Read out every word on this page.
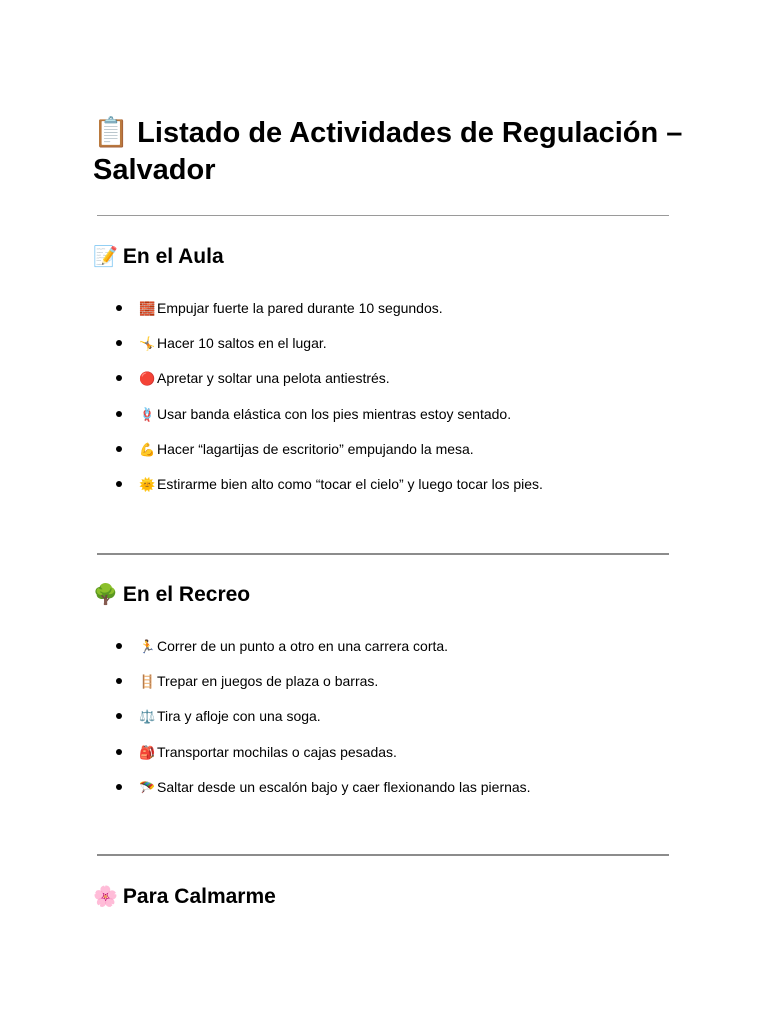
📋 Listado de Actividades de Regulación – Salvador
📝 En el Aula
🧱 Empujar fuerte la pared durante 10 segundos.
🤸 Hacer 10 saltos en el lugar.
🔴 Apretar y soltar una pelota antiestrés.
🪢 Usar banda elástica con los pies mientras estoy sentado.
💪 Hacer “lagartijas de escritorio” empujando la mesa.
🌞 Estirarme bien alto como “tocar el cielo” y luego tocar los pies.
🌳 En el Recreo
🏃 Correr de un punto a otro en una carrera corta.
🪜 Trepar en juegos de plaza o barras.
⚖️ Tira y afloje con una soga.
🎒 Transportar mochilas o cajas pesadas.
🪂 Saltar desde un escalón bajo y caer flexionando las piernas.
🌸 Para Calmarme
